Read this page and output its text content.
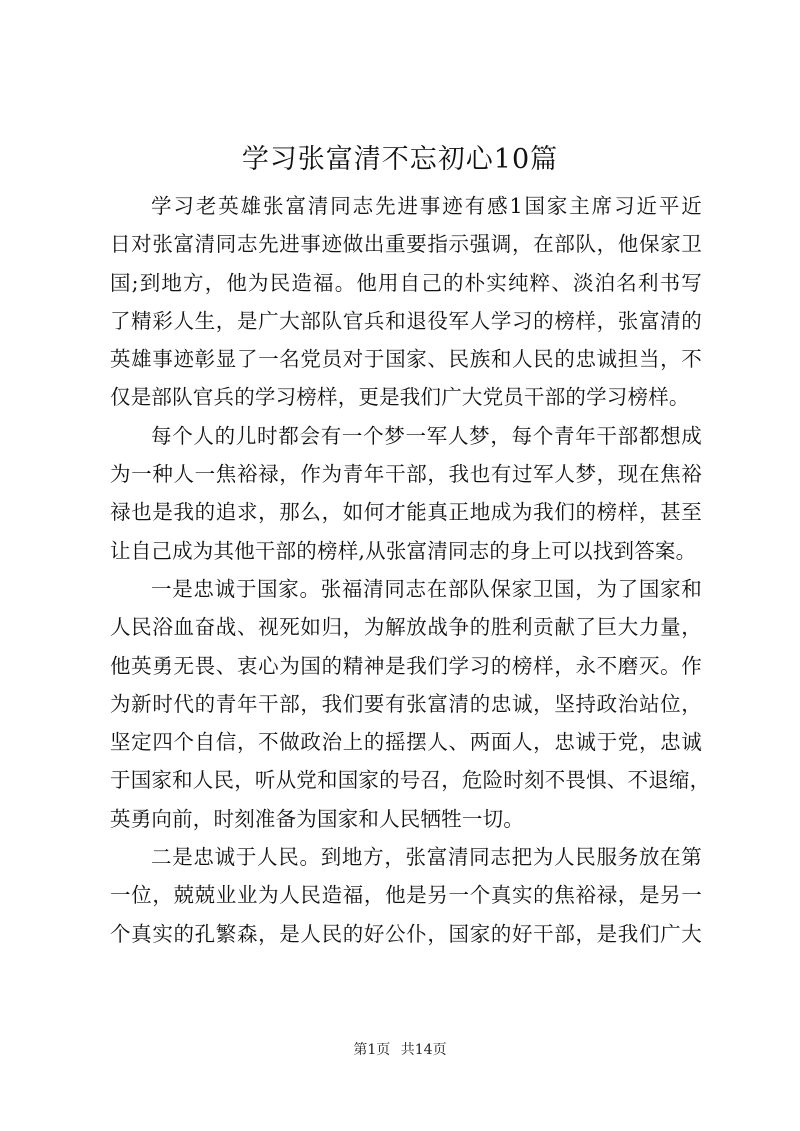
学习张富清不忘初心10篇
学习老英雄张富清同志先进事迹有感1国家主席习近平近
日对张富清同志先进事迹做出重要指示强调，在部队，他保家卫
国;到地方，他为民造福。他用自己的朴实纯粹、淡泊名利书写
了精彩人生，是广大部队官兵和退役军人学习的榜样，张富清的
英雄事迹彰显了一名党员对于国家、民族和人民的忠诚担当，不
仅是部队官兵的学习榜样，更是我们广大党员干部的学习榜样。
每个人的儿时都会有一个梦一军人梦，每个青年干部都想成
为一种人一焦裕禄，作为青年干部，我也有过军人梦，现在焦裕
禄也是我的追求，那么，如何才能真正地成为我们的榜样，甚至
让自己成为其他干部的榜样,从张富清同志的身上可以找到答案。
一是忠诚于国家。张福清同志在部队保家卫国，为了国家和
人民浴血奋战、视死如归，为解放战争的胜利贡献了巨大力量，
他英勇无畏、衷心为国的精神是我们学习的榜样，永不磨灭。作
为新时代的青年干部，我们要有张富清的忠诚，坚持政治站位，
坚定四个自信，不做政治上的摇摆人、两面人，忠诚于党，忠诚
于国家和人民，听从党和国家的号召，危险时刻不畏惧、不退缩，
英勇向前，时刻准备为国家和人民牺牲一切。
二是忠诚于人民。到地方，张富清同志把为人民服务放在第
一位，兢兢业业为人民造福，他是另一个真实的焦裕禄，是另一
个真实的孔繁森，是人民的好公仆，国家的好干部，是我们广大
第1页 共14页
